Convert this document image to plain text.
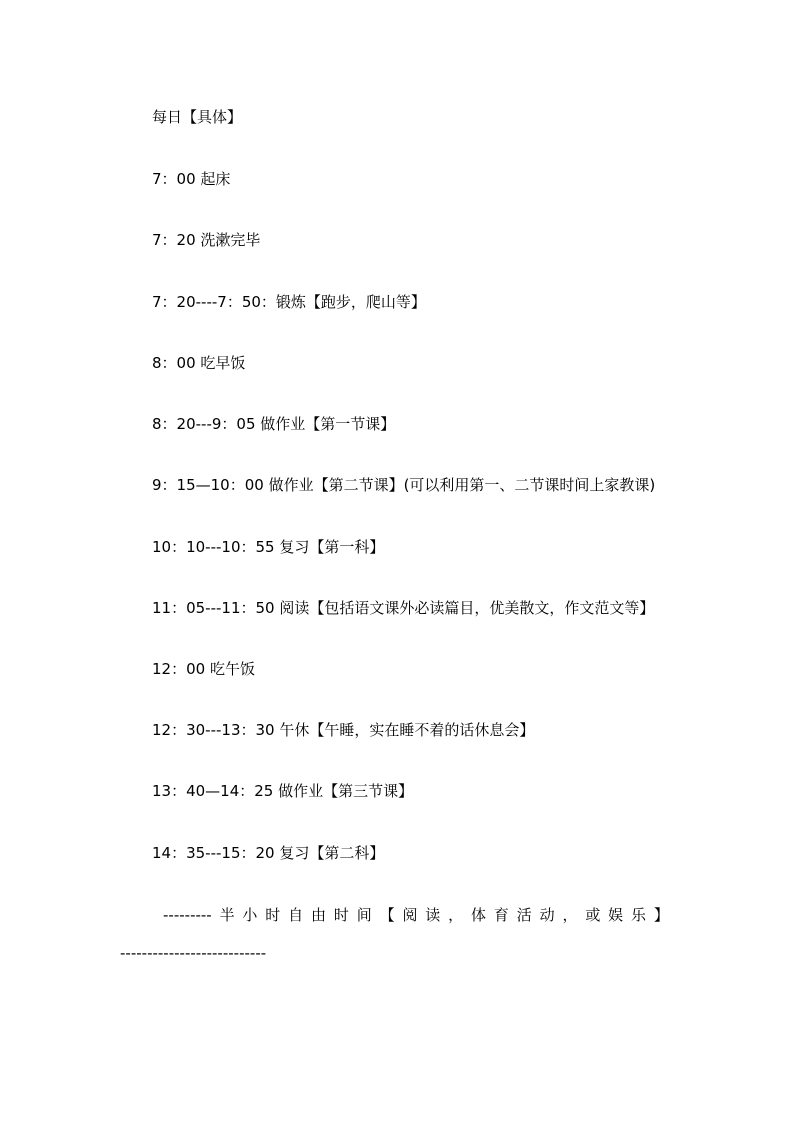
每日【具体】
7：00 起床
7：20 洗漱完毕
7：20----7：50：锻炼【跑步，爬山等】
8：00 吃早饭
8：20---9：05 做作业【第一节课】
9：15—10：00 做作业【第二节课】(可以利用第一、二节课时间上家教课)
10：10---10：55 复习【第一科】
11：05---11：50 阅读【包括语文课外必读篇目，优美散文，作文范文等】
12：00 吃午饭
12：30---13：30 午休【午睡，实在睡不着的话休息会】
13：40—14：25 做作业【第三节课】
14：35---15：20 复习【第二科】
--------- 半 小 时 自 由 时 间 【 阅 读 ， 体 育 活 动 ， 或 娱 乐 】
---------------------------
